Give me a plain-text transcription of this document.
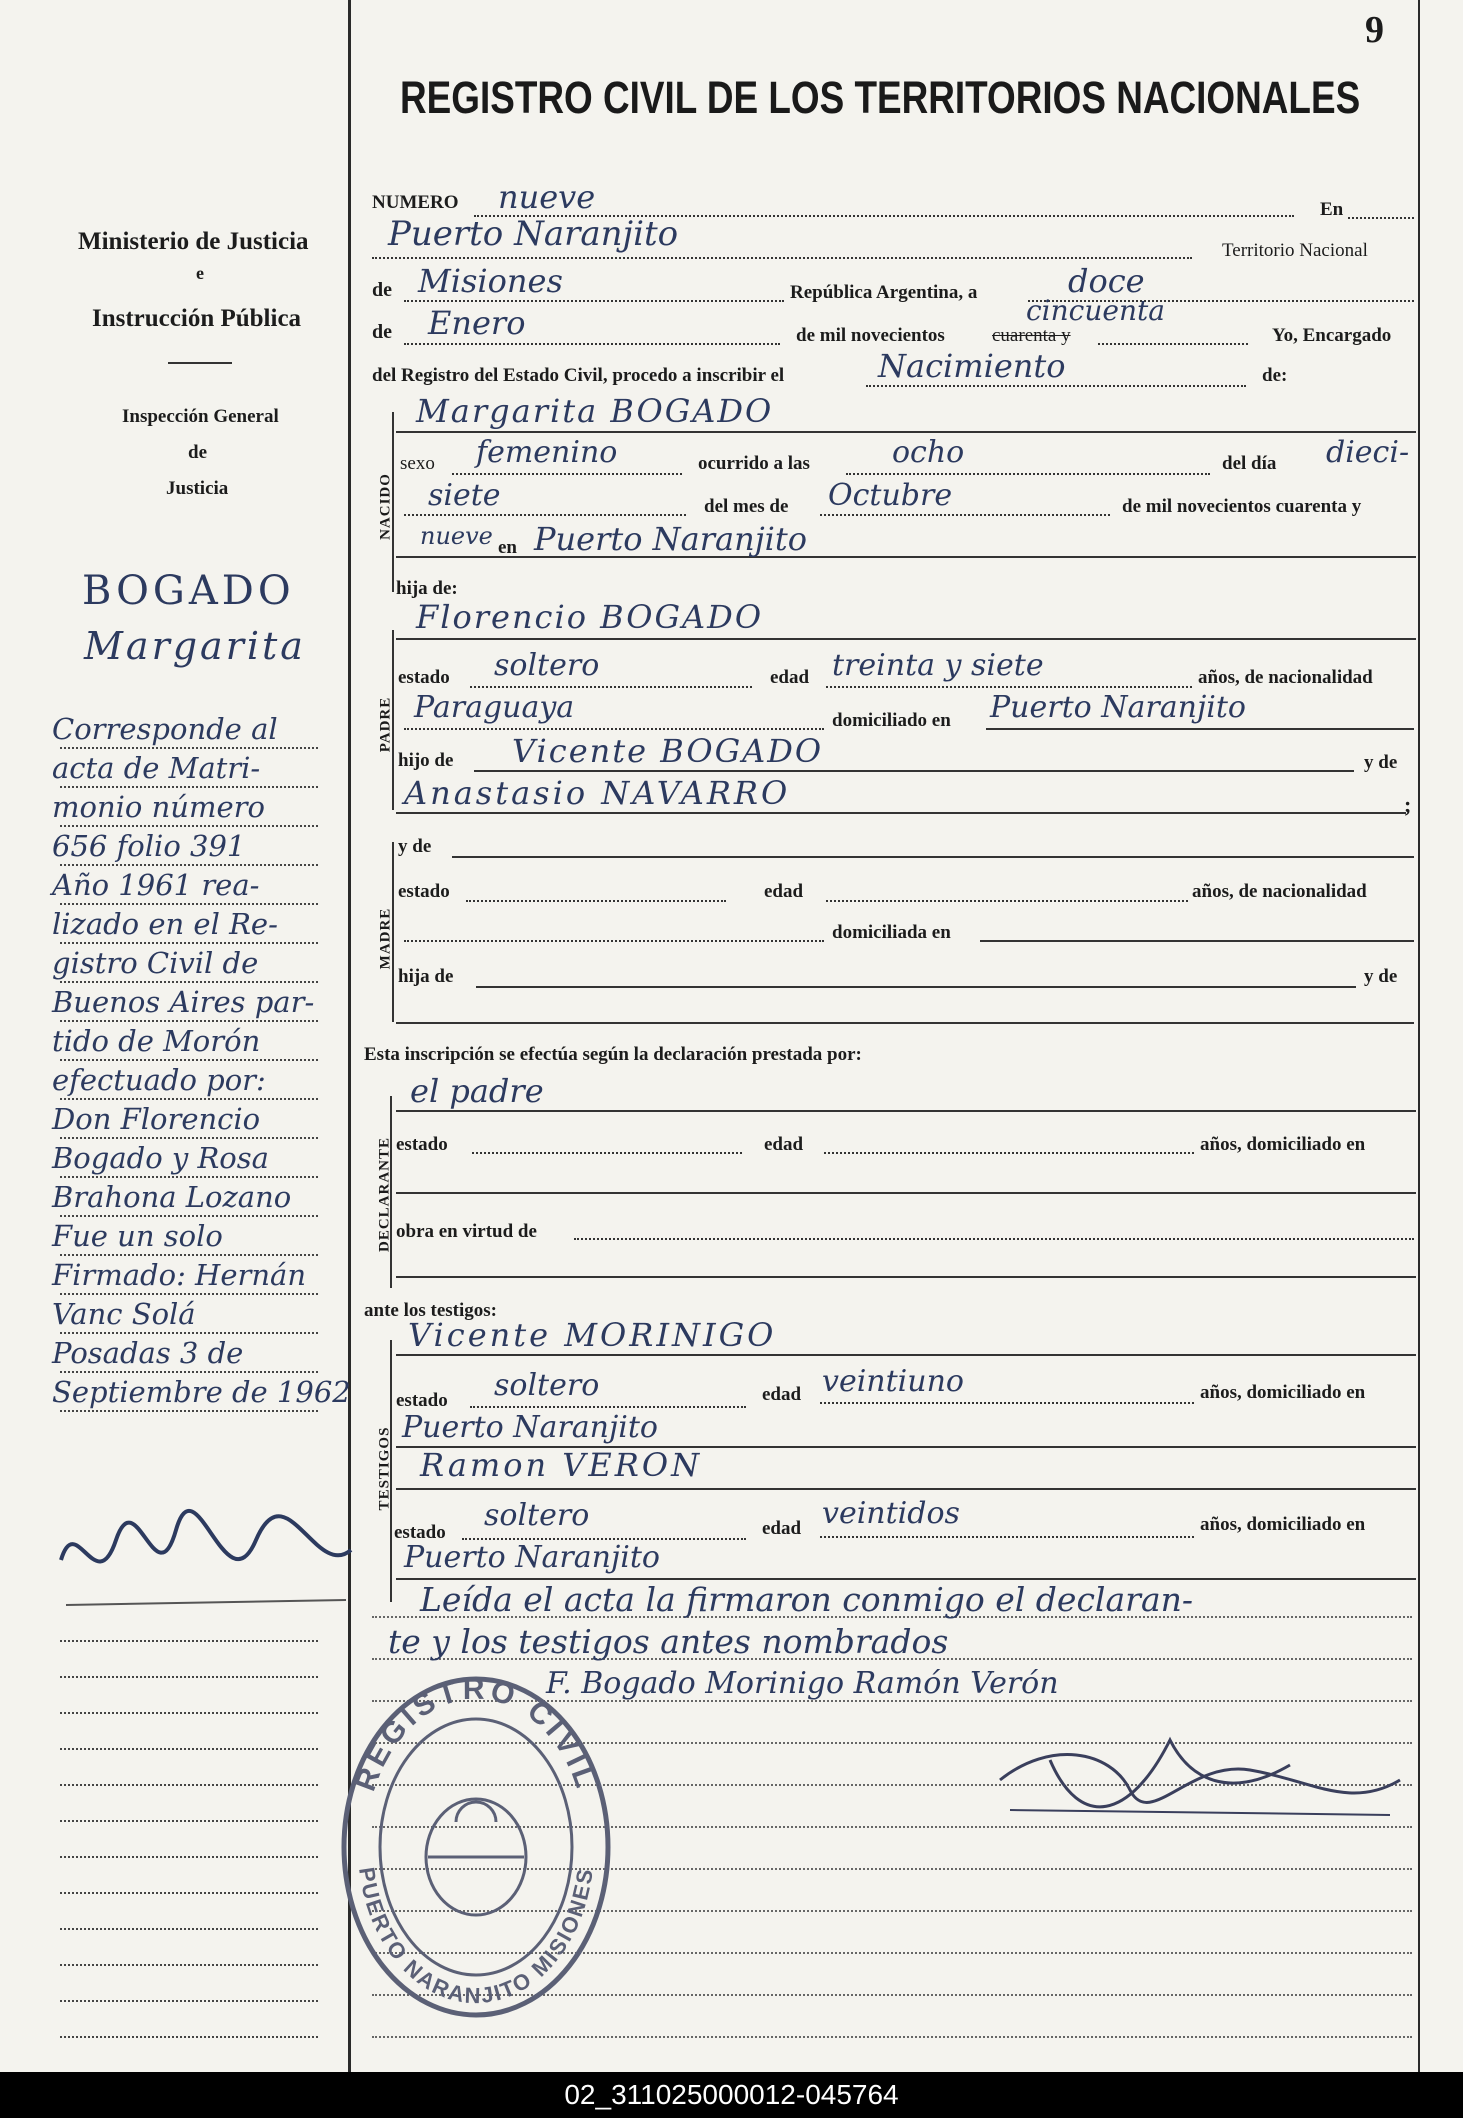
9
REGISTRO CIVIL DE LOS TERRITORIOS NACIONALES
Ministerio de Justicia
e
Instrucción Pública
Inspección General
de
Justicia
BOGADO
Margarita
Corresponde al
acta de Matri-
monio número
656 folio 391
Año 1961 rea-
lizado en el Re-
gistro Civil de
Buenos Aires par-
tido de Morón
efectuado por:
Don Florencio
Bogado y Rosa
Brahona Lozano
Fue un solo
Firmado: Hernán
Vanc Solá
Posadas 3 de
Septiembre de 1962
NUMERO nueve	En
Puerto Naranjito	Territorio Nacional
de Misiones	República Argentina, a	doce
de Enero	de mil novecientos cuarenta y
cincuenta
Yo, Encargado
del Registro del Estado Civil, procedo a inscribir el	Nacimiento	de:
NACIDO
Margarita BOGADO
sexo femenino	ocurrido a las	ocho	del día dieci-
siete	del mes de Octubre	de mil novecientos cuarenta y
nueve en Puerto Naranjito
hija de:
PADRE
Florencio BOGADO
estado soltero	edad treinta y siete	años, de nacionalidad
Paraguaya	domiciliado en Puerto Naranjito
hijo de Vicente BOGADO	y de
Anastasio NAVARRO	;
MADRE
y de
estado	edad	años, de nacionalidad
domiciliada en
hija de	y de
Esta inscripción se efectúa según la declaración prestada por:
DECLARANTE
el padre
estado	edad	años, domiciliado en
obra en virtud de
ante los testigos:
TESTIGOS
Vicente MORINIGO
estado soltero	edad veintiuno	años, domiciliado en
Puerto Naranjito
Ramon VERON
estado soltero	edad veintidos	años, domiciliado en
Puerto Naranjito
Leída el acta la firmaron conmigo el declaran-
te y los testigos antes nombrados
F. Bogado Morinigo Ramón Verón
REGISTRO CIVIL
PUERTO NARANJITO MISIONES
02_311025000012-045764
